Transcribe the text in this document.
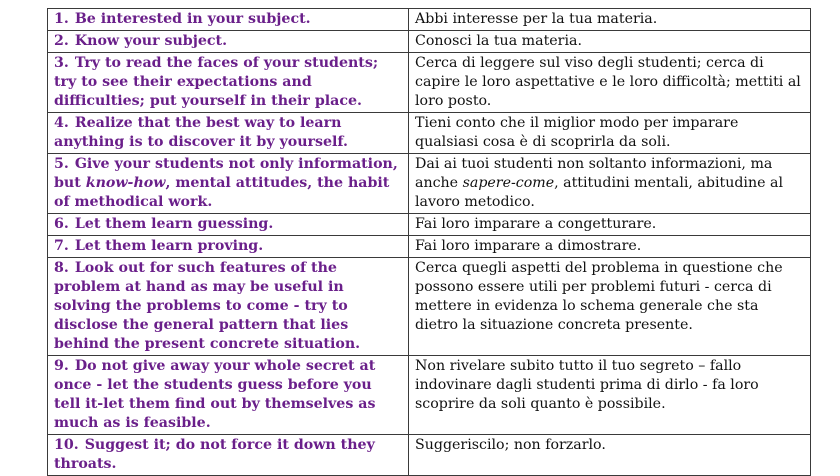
1. Be interested in your subject.	Abbi interesse per la tua materia.
2. Know your subject.	Conosci la tua materia.
3. Try to read the faces of your students; try to see their expectations and difficulties; put yourself in their place.	Cerca di leggere sul viso degli studenti; cerca di capire le loro aspettative e le loro difficoltà; mettiti al loro posto.
4. Realize that the best way to learn anything is to discover it by yourself.	Tieni conto che il miglior modo per imparare qualsiasi cosa è di scoprirla da soli.
5. Give your students not only information, but know-how, mental attitudes, the habit of methodical work.	Dai ai tuoi studenti non soltanto informazioni, ma anche sapere-come, attitudini mentali, abitudine al lavoro metodico.
6. Let them learn guessing.	Fai loro imparare a congetturare.
7. Let them learn proving.	Fai loro imparare a dimostrare.
8. Look out for such features of the problem at hand as may be useful in solving the problems to come - try to disclose the general pattern that lies behind the present concrete situation.	Cerca quegli aspetti del problema in questione che possono essere utili per problemi futuri - cerca di mettere in evidenza lo schema generale che sta dietro la situazione concreta presente.
9. Do not give away your whole secret at once - let the students guess before you tell it-let them find out by themselves as much as is feasible.	Non rivelare subito tutto il tuo segreto – fallo indovinare dagli studenti prima di dirlo - fa loro scoprire da soli quanto è possibile.
10. Suggest it; do not force it down they throats.	Suggeriscilo; non forzarlo.
